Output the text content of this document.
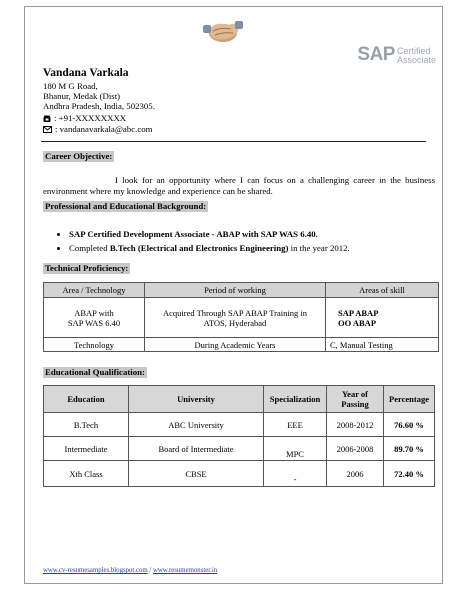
SAP Certified
Associate
Vandana Varkala
180 M G Road,
Bhanur, Medak (Dist)
Andhra Pradesh, India, 502305.
: +91-XXXXXXXX
: vandanavarkala@abc.com
Career Objective:
I look for an opportunity where I can focus on a challenging career in the business environment where my knowledge and experience can be shared.
Professional and Educational Background:
• SAP Certified Development Associate - ABAP with SAP WAS 6.40.
• Completed B.Tech (Electrical and Electronics Engineering) in the year 2012.
Technical Proficiency:
Area / Technology	Period of working	Areas of skill
ABAP with
SAP WAS 6.40	Acquired Through SAP ABAP Training in
ATOS, Hyderabad	SAP ABAP
OO ABAP
Technology	During Academic Years	C, Manual Testing
Educational Qualification:
Education	University	Specialization	Year of
Passing	Percentage
B.Tech	ABC University	EEE	2008-2012	76.60 %
Intermediate	Board of Intermediate	MPC	2006-2008	89.70 %
Xth Class	CBSE	-	2006	72.40 %
www.cv-resumesamples.blogspot.com / www.resumemonster.in
